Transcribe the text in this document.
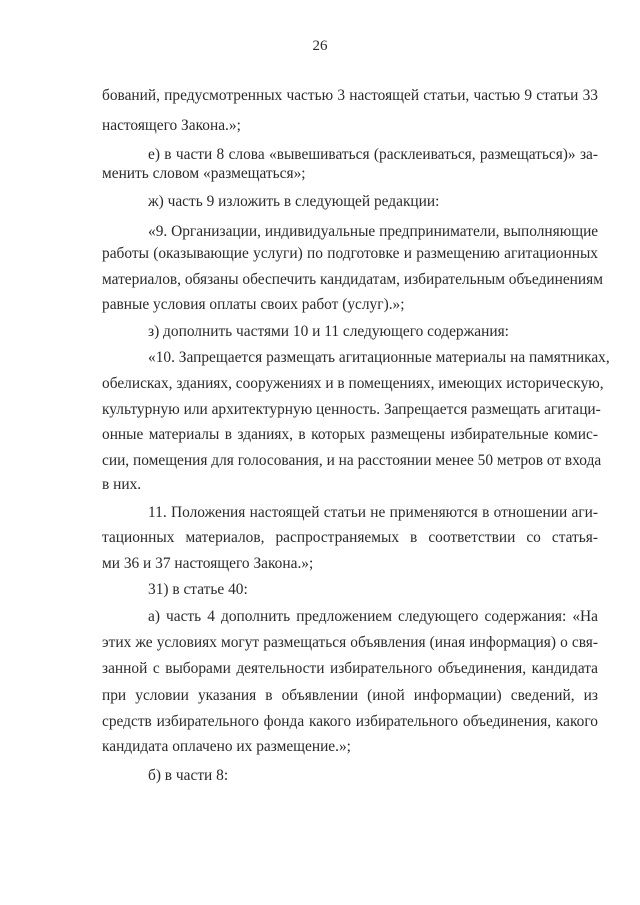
26
бований, предусмотренных частью 3 настоящей статьи, частью 9 статьи 33
настоящего Закона.»;
е) в части 8 слова «вывешиваться (расклеиваться, размещаться)» за-
менить словом «размещаться»;
ж) часть 9 изложить в следующей редакции:
«9. Организации, индивидуальные предприниматели, выполняющие
работы (оказывающие услуги) по подготовке и размещению агитационных
материалов, обязаны обеспечить кандидатам, избирательным объединениям
равные условия оплаты своих работ (услуг).»;
з) дополнить частями 10 и 11 следующего содержания:
«10. Запрещается размещать агитационные материалы на памятниках,
обелисках, зданиях, сооружениях и в помещениях, имеющих историческую,
культурную или архитектурную ценность. Запрещается размещать агитаци-
онные материалы в зданиях, в которых размещены избирательные комис-
сии, помещения для голосования, и на расстоянии менее 50 метров от входа
в них.
11. Положения настоящей статьи не применяются в отношении аги-
тационных материалов, распространяемых в соответствии со статья-
ми 36 и 37 настоящего Закона.»;
31) в статье 40:
а) часть 4 дополнить предложением следующего содержания: «На
этих же условиях могут размещаться объявления (иная информация) о свя-
занной с выборами деятельности избирательного объединения, кандидата
при условии указания в объявлении (иной информации) сведений, из
средств избирательного фонда какого избирательного объединения, какого
кандидата оплачено их размещение.»;
б) в части 8:
